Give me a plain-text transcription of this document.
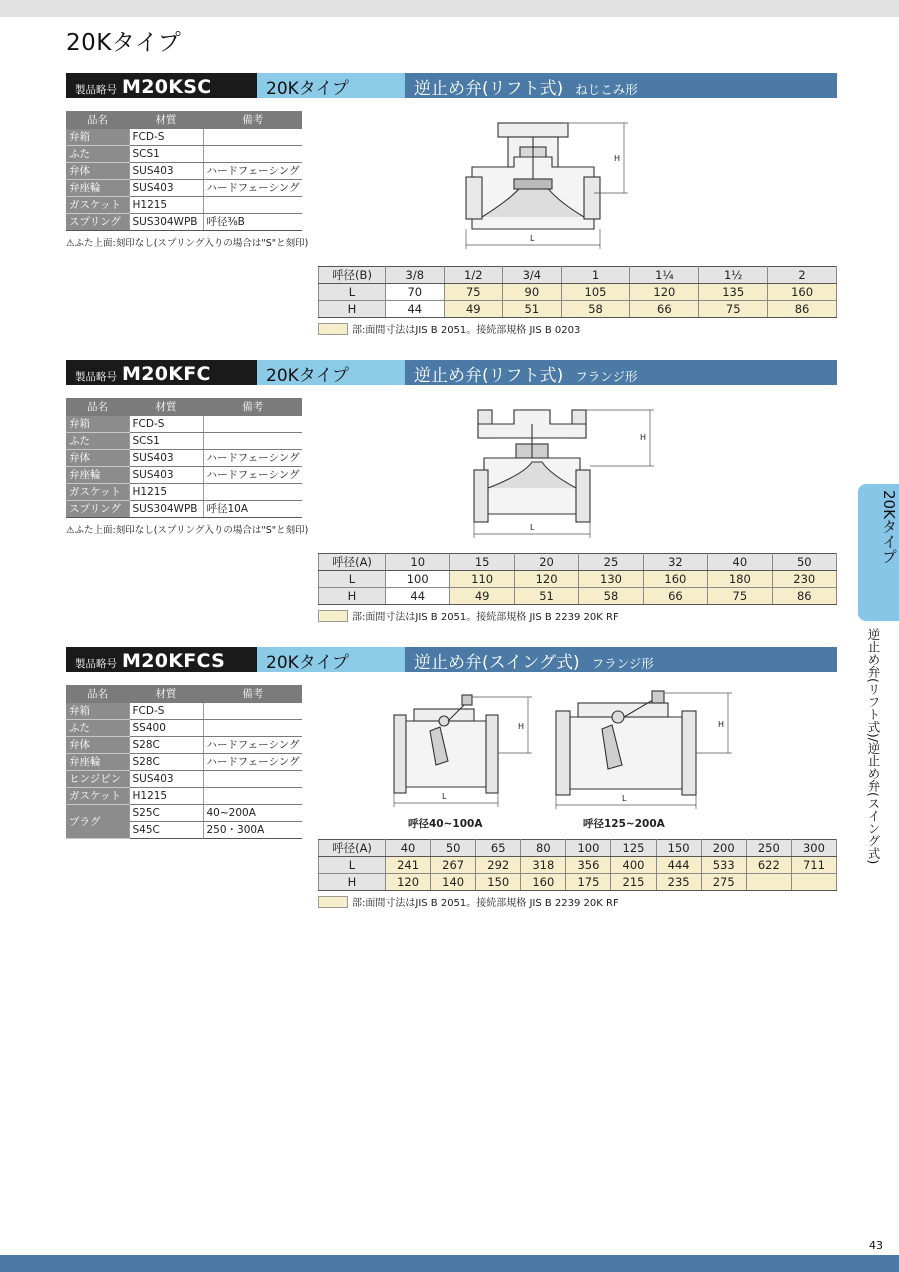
20Kタイプ
製品略号 M20KSC	20Kタイプ	逆止め弁(リフト式) ねじこみ形
品名	材質	備考
弁箱	FCD-S	
ふた	SCS1	
弁体	SUS403	ハードフェーシング
弁座輪	SUS403	ハードフェーシング
ガスケット	H1215	
スプリング	SUS304WPB	呼径⅜B
⚠ふた上面:刻印なし(スプリング入りの場合は"S"と刻印)
H
L
呼径(B)	3/8	1/2	3/4	1	1¼	1½	2
L	70	75	90	105	120	135	160
H	44	49	51	58	66	75	86
部:面間寸法はJIS B 2051。接続部規格 JIS B 0203
製品略号 M20KFC	20Kタイプ	逆止め弁(リフト式) フランジ形
品名	材質	備考
弁箱	FCD-S	
ふた	SCS1	
弁体	SUS403	ハードフェーシング
弁座輪	SUS403	ハードフェーシング
ガスケット	H1215	
スプリング	SUS304WPB	呼径10A
⚠ふた上面:刻印なし(スプリング入りの場合は"S"と刻印)
H
L
呼径(A)	10	15	20	25	32	40	50
L	100	110	120	130	160	180	230
H	44	49	51	58	66	75	86
部:面間寸法はJIS B 2051。接続部規格 JIS B 2239 20K RF
製品略号 M20KFCS	20Kタイプ	逆止め弁(スイング式) フランジ形
品名	材質	備考
弁箱	FCD-S	
ふた	SS400	
弁体	S28C	ハードフェーシング
弁座輪	S28C	ハードフェーシング
ヒンジピン	SUS403	
ガスケット	H1215	
プラグ	S25C	40~200A
	S45C	250・300A
H
L
呼径40~100A
H
L
呼径125~200A
呼径(A)	40	50	65	80	100	125	150	200	250	300
L	241	267	292	318	356	400	444	533	622	711
H	120	140	150	160	175	215	235	275		
部:面間寸法はJIS B 2051。接続部規格 JIS B 2239 20K RF
20Kタイプ
逆止め弁(リフト式)/逆止め弁(スイング式)
43
